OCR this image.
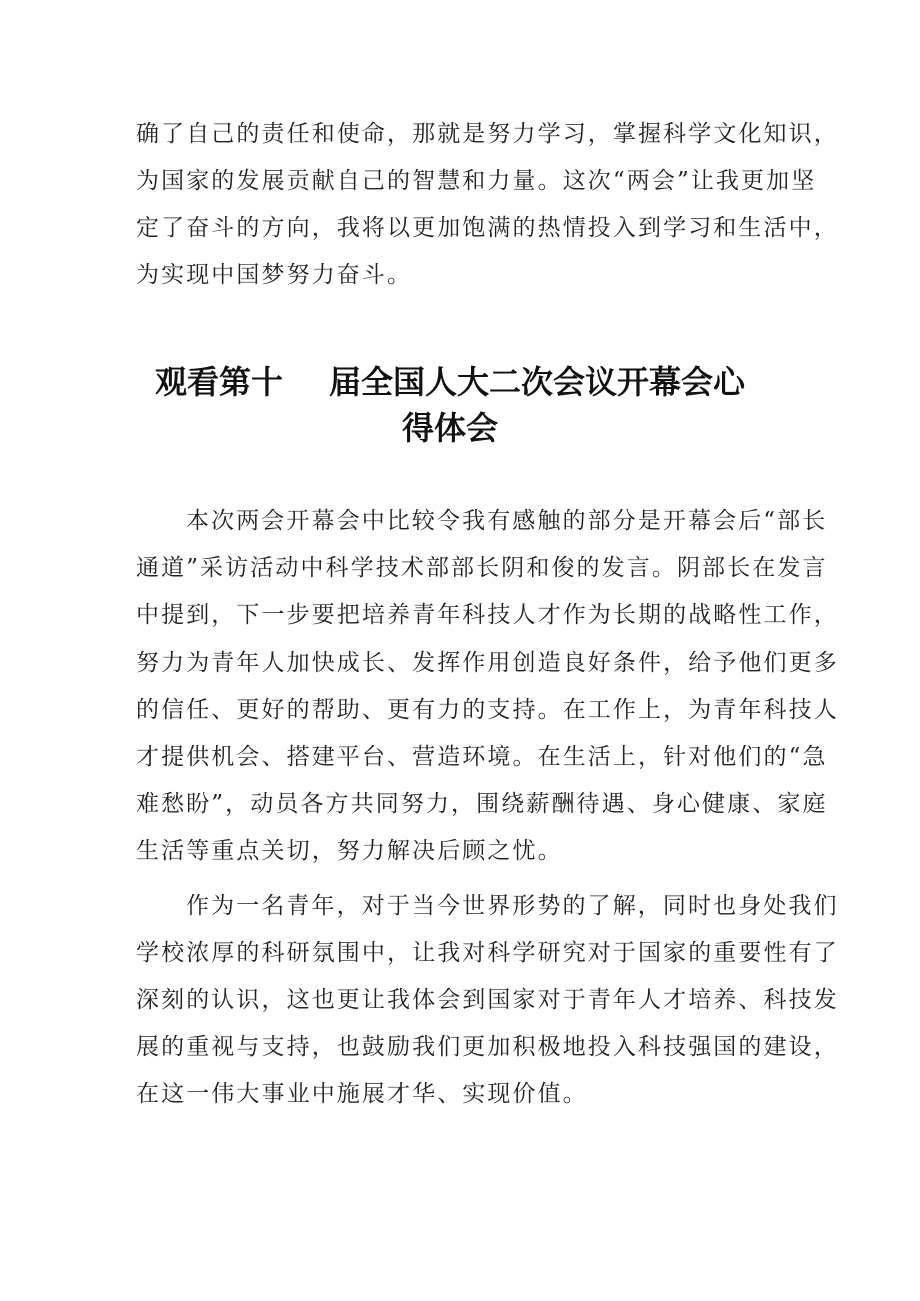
确了自己的责任和使命，那就是努力学习，掌握科学文化知识，
为国家的发展贡献自己的智慧和力量。这次“两会”让我更加坚
定了奋斗的方向，我将以更加饱满的热情投入到学习和生活中，
为实现中国梦努力奋斗。
观看第十 届全国人大二次会议开幕会心
得体会
本次两会开幕会中比较令我有感触的部分是开幕会后“部长
通道”采访活动中科学技术部部长阴和俊的发言。阴部长在发言
中提到，下一步要把培养青年科技人才作为长期的战略性工作，
努力为青年人加快成长、发挥作用创造良好条件，给予他们更多
的信任、更好的帮助、更有力的支持。在工作上，为青年科技人
才提供机会、搭建平台、营造环境。在生活上，针对他们的“急
难愁盼”，动员各方共同努力，围绕薪酬待遇、身心健康、家庭
生活等重点关切，努力解决后顾之忧。
作为一名青年，对于当今世界形势的了解，同时也身处我们
学校浓厚的科研氛围中，让我对科学研究对于国家的重要性有了
深刻的认识，这也更让我体会到国家对于青年人才培养、科技发
展的重视与支持，也鼓励我们更加积极地投入科技强国的建设，
在这一伟大事业中施展才华、实现价值。
